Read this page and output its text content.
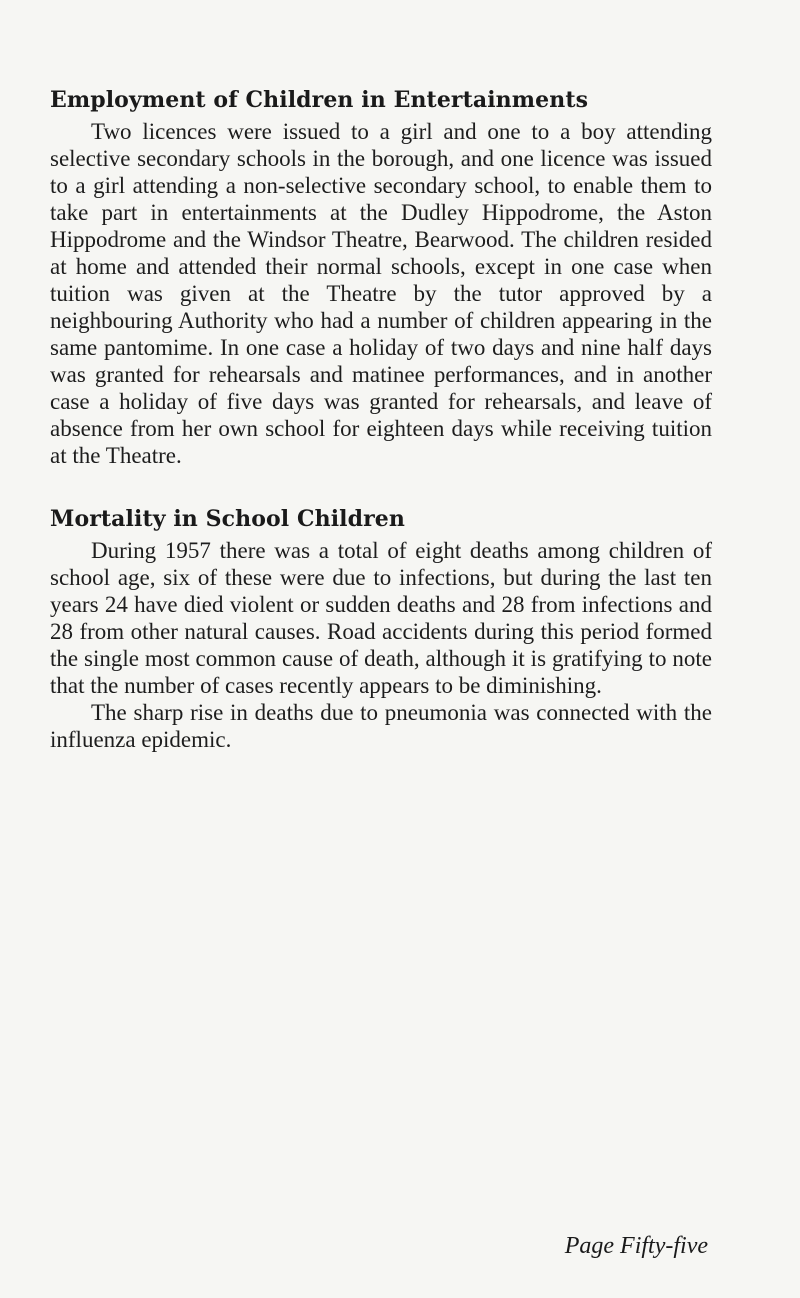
Employment of Children in Entertainments

Two licences were issued to a girl and one to a boy attending selective secondary schools in the borough, and one licence was issued to a girl attending a non-selective secondary school, to enable them to take part in entertainments at the Dudley Hippodrome, the Aston Hippodrome and the Windsor Theatre, Bearwood. The children resided at home and attended their normal schools, except in one case when tuition was given at the Theatre by the tutor approved by a neighbouring Authority who had a number of children appearing in the same pantomime. In one case a holiday of two days and nine half days was granted for rehearsals and matinee performances, and in another case a holiday of five days was granted for rehearsals, and leave of absence from her own school for eighteen days while receiving tuition at the Theatre.

Mortality in School Children

During 1957 there was a total of eight deaths among children of school age, six of these were due to infections, but during the last ten years 24 have died violent or sudden deaths and 28 from infections and 28 from other natural causes. Road accidents during this period formed the single most common cause of death, although it is gratifying to note that the number of cases recently appears to be diminishing.

The sharp rise in deaths due to pneumonia was connected with the influenza epidemic.

Page Fifty-five
